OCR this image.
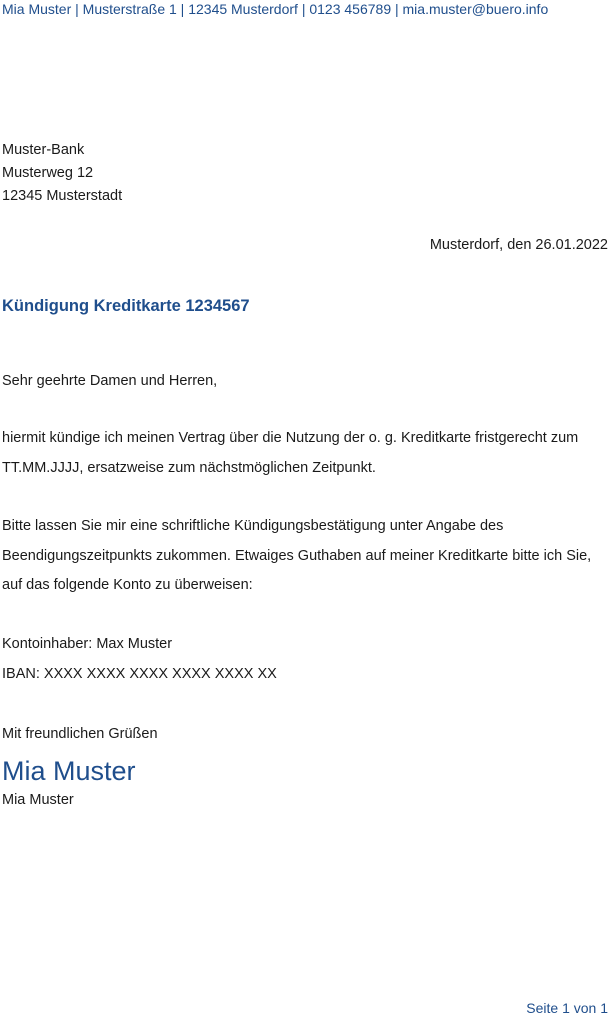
Mia Muster | Musterstraße 1 | 12345 Musterdorf | 0123 456789 | mia.muster@buero.info
Muster-Bank
Musterweg 12
12345 Musterstadt
Musterdorf, den 26.01.2022
Kündigung Kreditkarte 1234567
Sehr geehrte Damen und Herren,
hiermit kündige ich meinen Vertrag über die Nutzung der o. g. Kreditkarte fristgerecht zum
TT.MM.JJJJ, ersatzweise zum nächstmöglichen Zeitpunkt.
Bitte lassen Sie mir eine schriftliche Kündigungsbestätigung unter Angabe des
Beendigungszeitpunkts zukommen. Etwaiges Guthaben auf meiner Kreditkarte bitte ich Sie,
auf das folgende Konto zu überweisen:
Kontoinhaber: Max Muster
IBAN: XXXX XXXX XXXX XXXX XXXX XX
Mit freundlichen Grüßen
Mia Muster
Mia Muster
Seite 1 von 1
